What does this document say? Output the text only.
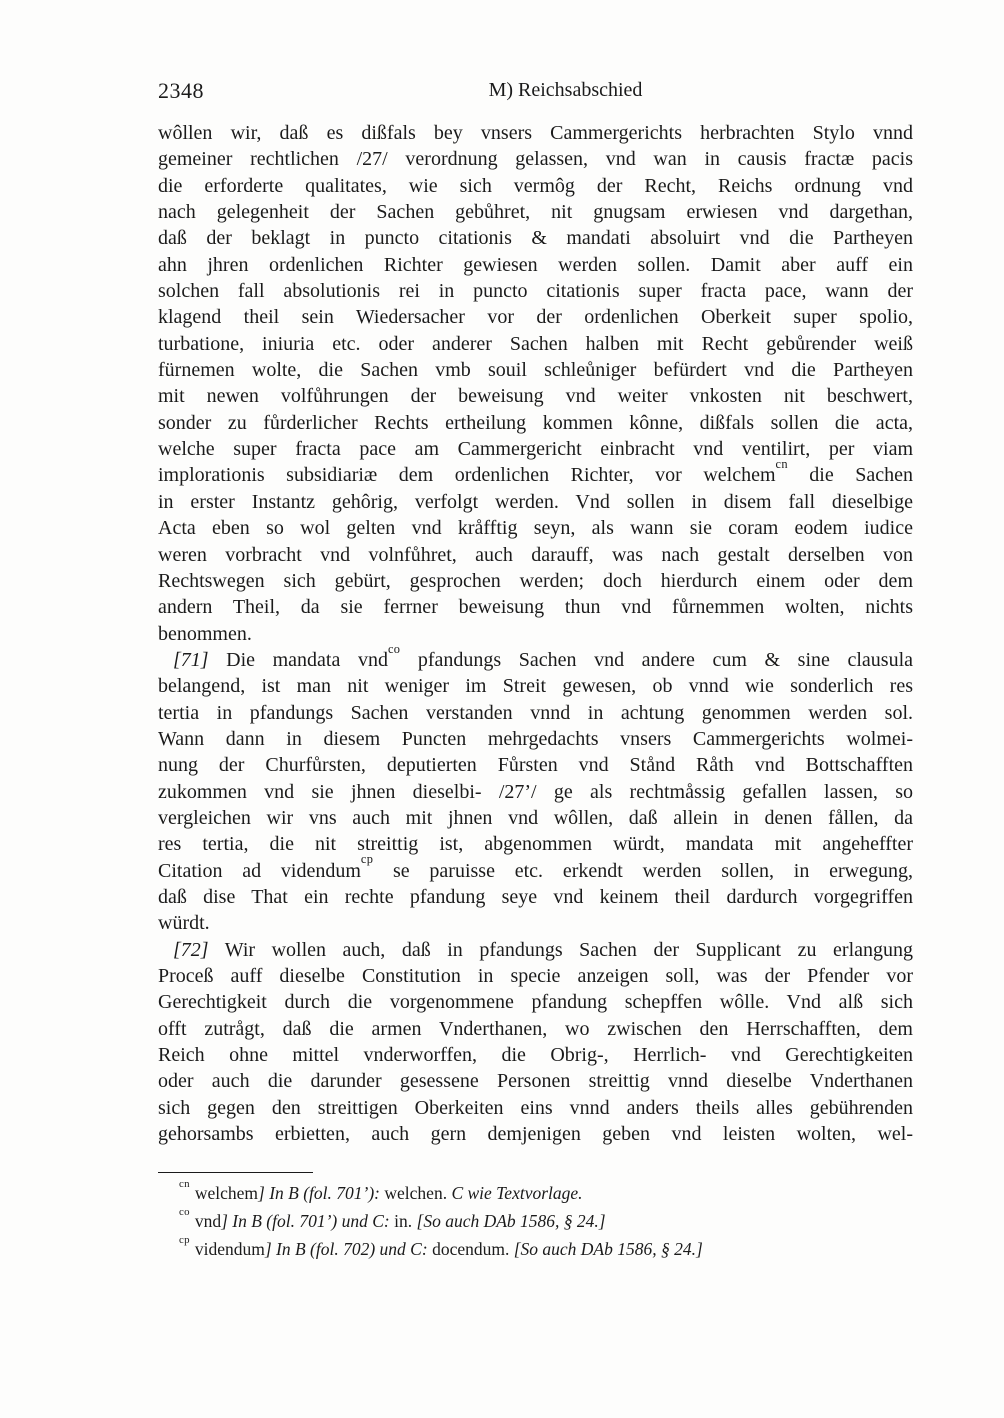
2348	M) Reichsabschied
wôllen wir, daß es dißfals bey vnsers Cammergerichts herbrachten Stylo vnnd
gemeiner rechtlichen /27/ verordnung gelassen, vnd wan in causis fractæ pacis
die erforderte qualitates, wie sich vermôg der Recht, Reichs ordnung vnd
nach gelegenheit der Sachen gebůhret, nit gnugsam erwiesen vnd dargethan,
daß der beklagt in puncto citationis & mandati absoluirt vnd die Partheyen
ahn jhren ordenlichen Richter gewiesen werden sollen. Damit aber auff ein
solchen fall absolutionis rei in puncto citationis super fracta pace, wann der
klagend theil sein Wiedersacher vor der ordenlichen Oberkeit super spolio,
turbatione, iniuria etc. oder anderer Sachen halben mit Recht gebůrender weiß
fürnemen wolte, die Sachen vmb souil schleůniger befürdert vnd die Partheyen
mit newen volfůhrungen der beweisung vnd weiter vnkosten nit beschwert,
sonder zu fůrderlicher Rechts ertheilung kommen kônne, dißfals sollen die acta,
welche super fracta pace am Cammergericht einbracht vnd ventilirt, per viam
implorationis subsidiariæ dem ordenlichen Richter, vor welchem$^{cn}$ die Sachen
in erster Instantz gehôrig, verfolgt werden. Vnd sollen in disem fall dieselbige
Acta eben so wol gelten vnd kråfftig seyn, als wann sie coram eodem iudice
weren vorbracht vnd volnfůhret, auch darauff, was nach gestalt derselben von
Rechtswegen sich gebürt, gesprochen werden; doch hierdurch einem oder dem
andern Theil, da sie ferrner beweisung thun vnd fůrnemmen wolten, nichts
benommen.
[71] Die mandata vnd$^{co}$ pfandungs Sachen vnd andere cum & sine clausula
belangend, ist man nit weniger im Streit gewesen, ob vnnd wie sonderlich res
tertia in pfandungs Sachen verstanden vnnd in achtung genommen werden sol.
Wann dann in diesem Puncten mehrgedachts vnsers Cammergerichts wolmei-
nung der Churfůrsten, deputierten Fůrsten vnd Stånd Råth vnd Bottschafften
zukommen vnd sie jhnen dieselbi- /27’/ ge als rechtmåssig gefallen lassen, so
vergleichen wir vns auch mit jhnen vnd wôllen, daß allein in denen fållen, da
res tertia, die nit streittig ist, abgenommen würdt, mandata mit angeheffter
Citation ad videndum$^{cp}$ se paruisse etc. erkendt werden sollen, in erwegung,
daß dise That ein rechte pfandung seye vnd keinem theil dardurch vorgegriffen
würdt.
[72] Wir wollen auch, daß in pfandungs Sachen der Supplicant zu erlangung
Proceß auff dieselbe Constitution in specie anzeigen soll, was der Pfender vor
Gerechtigkeit durch die vorgenommene pfandung schepffen wôlle. Vnd alß sich
offt zutrågt, daß die armen Vnderthanen, wo zwischen den Herrschafften, dem
Reich ohne mittel vnderworffen, die Obrig-, Herrlich- vnd Gerechtigkeiten
oder auch die darunder gesessene Personen streittig vnnd dieselbe Vnderthanen
sich gegen den streittigen Oberkeiten eins vnnd anders theils alles gebührenden
gehorsambs erbietten, auch gern demjenigen geben vnd leisten wolten, wel-
$^{cn}$ welchem] In B (fol. 701’): welchen. C wie Textvorlage.
$^{co}$ vnd] In B (fol. 701’) und C: in. [So auch DAb 1586, § 24.]
$^{cp}$ videndum] In B (fol. 702) und C: docendum. [So auch DAb 1586, § 24.]
